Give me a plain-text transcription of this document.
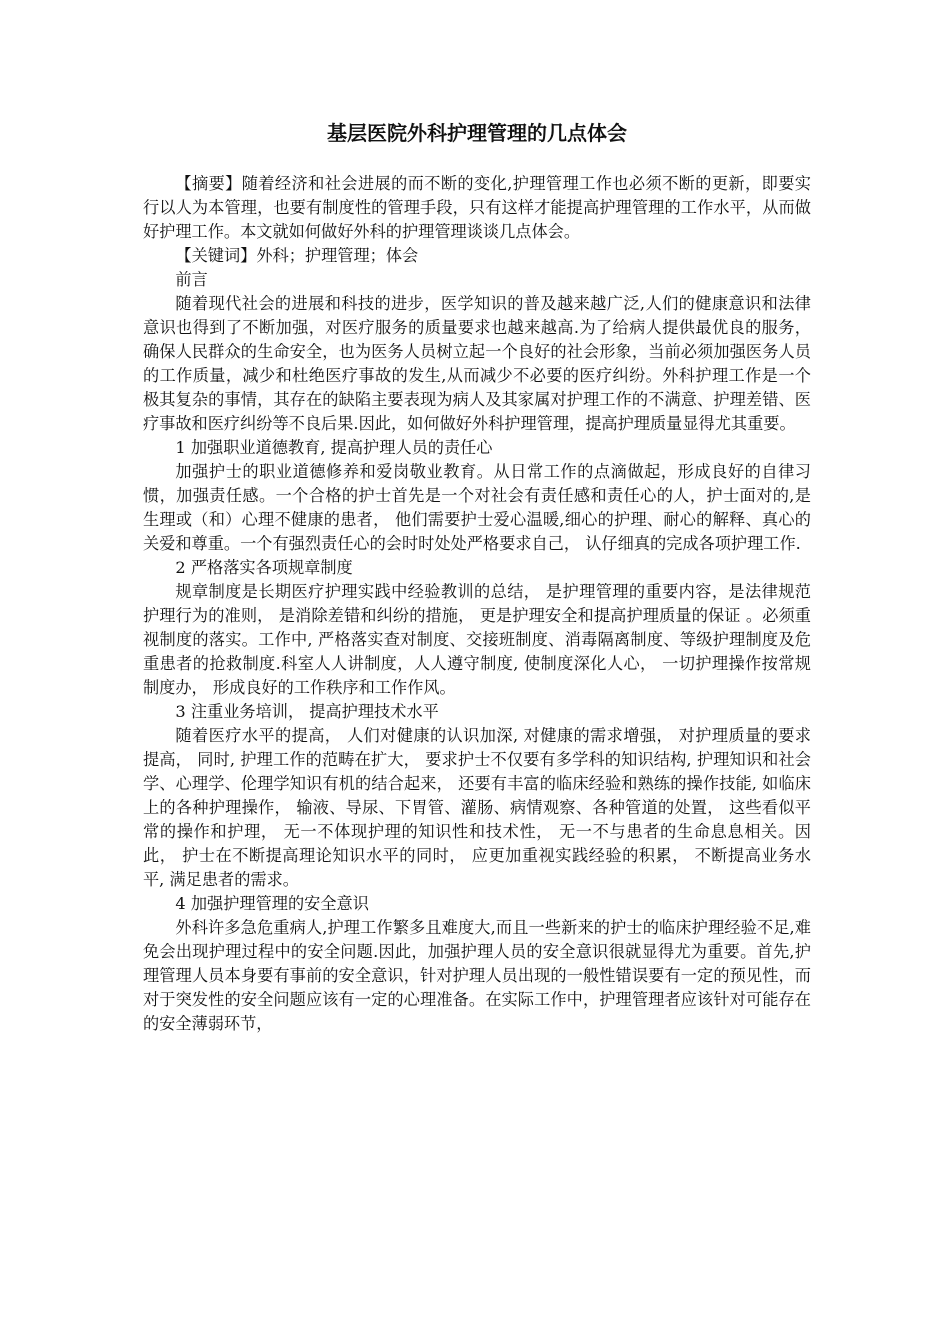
基层医院外科护理管理的几点体会

【摘要】随着经济和社会进展的而不断的变化,护理管理工作也必须不断的更新，即要实行以人为本管理，也要有制度性的管理手段，只有这样才能提高护理管理的工作水平，从而做好护理工作。本文就如何做好外科的护理管理谈谈几点体会。

【关键词】外科；护理管理；体会

前言

随着现代社会的进展和科技的进步，医学知识的普及越来越广泛,人们的健康意识和法律意识也得到了不断加强，对医疗服务的质量要求也越来越高.为了给病人提供最优良的服务，确保人民群众的生命安全，也为医务人员树立起一个良好的社会形象，当前必须加强医务人员的工作质量，减少和杜绝医疗事故的发生,从而减少不必要的医疗纠纷。外科护理工作是一个极其复杂的事情，其存在的缺陷主要表现为病人及其家属对护理工作的不满意、护理差错、医疗事故和医疗纠纷等不良后果.因此，如何做好外科护理管理，提高护理质量显得尤其重要。

1 加强职业道德教育, 提高护理人员的责任心

加强护士的职业道德修养和爱岗敬业教育。从日常工作的点滴做起，形成良好的自律习惯，加强责任感。一个合格的护士首先是一个对社会有责任感和责任心的人，护士面对的,是生理或（和）心理不健康的患者， 他们需要护士爱心温暖,细心的护理、耐心的解释、真心的关爱和尊重。一个有强烈责任心的会时时处处严格要求自己， 认仔细真的完成各项护理工作.

2 严格落实各项规章制度

规章制度是长期医疗护理实践中经验教训的总结， 是护理管理的重要内容，是法律规范护理行为的准则， 是消除差错和纠纷的措施， 更是护理安全和提高护理质量的保证 。必须重视制度的落实。工作中, 严格落实查对制度、交接班制度、消毒隔离制度、等级护理制度及危重患者的抢救制度.科室人人讲制度，人人遵守制度, 使制度深化人心， 一切护理操作按常规制度办， 形成良好的工作秩序和工作作风。

3 注重业务培训， 提高护理技术水平

随着医疗水平的提高， 人们对健康的认识加深, 对健康的需求增强， 对护理质量的要求提高， 同时, 护理工作的范畴在扩大， 要求护士不仅要有多学科的知识结构, 护理知识和社会学、心理学、伦理学知识有机的结合起来， 还要有丰富的临床经验和熟练的操作技能, 如临床上的各种护理操作， 输液、导尿、下胃管、灌肠、病情观察、各种管道的处置， 这些看似平常的操作和护理， 无一不体现护理的知识性和技术性， 无一不与患者的生命息息相关。因此， 护士在不断提高理论知识水平的同时， 应更加重视实践经验的积累， 不断提高业务水平, 满足患者的需求。

4 加强护理管理的安全意识

外科许多急危重病人,护理工作繁多且难度大,而且一些新来的护士的临床护理经验不足,难免会出现护理过程中的安全问题.因此，加强护理人员的安全意识很就显得尤为重要。首先,护理管理人员本身要有事前的安全意识，针对护理人员出现的一般性错误要有一定的预见性，而对于突发性的安全问题应该有一定的心理准备。在实际工作中，护理管理者应该针对可能存在的安全薄弱环节，
